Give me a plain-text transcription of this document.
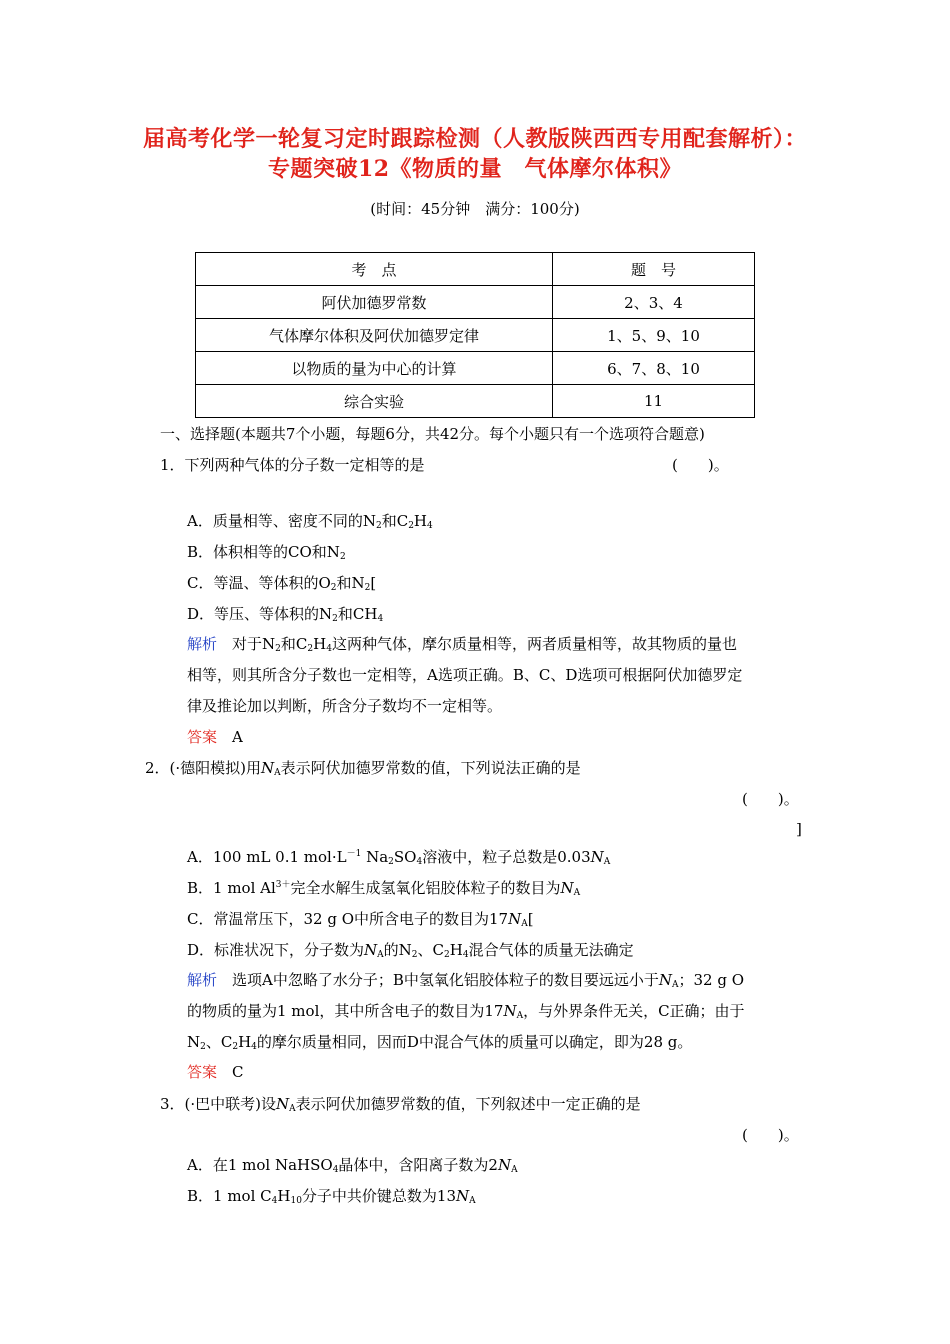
届高考化学一轮复习定时跟踪检测（人教版陕西西专用配套解析）：
专题突破12《物质的量　气体摩尔体积》
(时间：45分钟　满分：100分)
考　点	题　号
阿伏加德罗常数	2、3、4
气体摩尔体积及阿伏加德罗定律	1、5、9、10
以物质的量为中心的计算	6、7、8、10
综合实验	11
一、选择题(本题共7个小题，每题6分，共42分。每个小题只有一个选项符合题意)
1．下列两种气体的分子数一定相等的是	(　　)。
A．质量相等、密度不同的$N_2$和$C_2H_4$
B．体积相等的CO和$N_2$
C．等温、等体积的$O_2$和$N_2$[
D．等压、等体积的$N_2$和$CH_4$
解析　对于$N_2$和$C_2H_4$这两种气体，摩尔质量相等，两者质量相等，故其物质的量也
相等，则其所含分子数也一定相等，A选项正确。B、C、D选项可根据阿伏加德罗定
律及推论加以判断，所含分子数均不一定相等。
答案　A
2．(·德阳模拟)用$N_A$表示阿伏加德罗常数的值，下列说法正确的是
(　　)。
]
A．100 mL 0.1 $mol\cdot L^{-1}$ $Na_2SO_4$溶液中，粒子总数是$0.03N_A$
B．1 mol $Al^{3+}$完全水解生成氢氧化铝胶体粒子的数目为$N_A$
C．常温常压下，32 g O中所含电子的数目为$17N_A$[
D．标准状况下，分子数为$N_A$的$N_2$、$C_2H_4$混合气体的质量无法确定
解析　选项A中忽略了水分子；B中氢氧化铝胶体粒子的数目要远远小于$N_A$；32 g O
的物质的量为1 mol，其中所含电子的数目为$17N_A$，与外界条件无关，C正确；由于
$N_2$、$C_2H_4$的摩尔质量相同，因而D中混合气体的质量可以确定，即为28 g。
答案　C
3．(·巴中联考)设$N_A$表示阿伏加德罗常数的值，下列叙述中一定正确的是
(　　)。
A．在1 mol NaHSO$_4$晶体中，含阳离子数为$2N_A$
B．1 mol $C_4H_{10}$分子中共价键总数为$13N_A$
